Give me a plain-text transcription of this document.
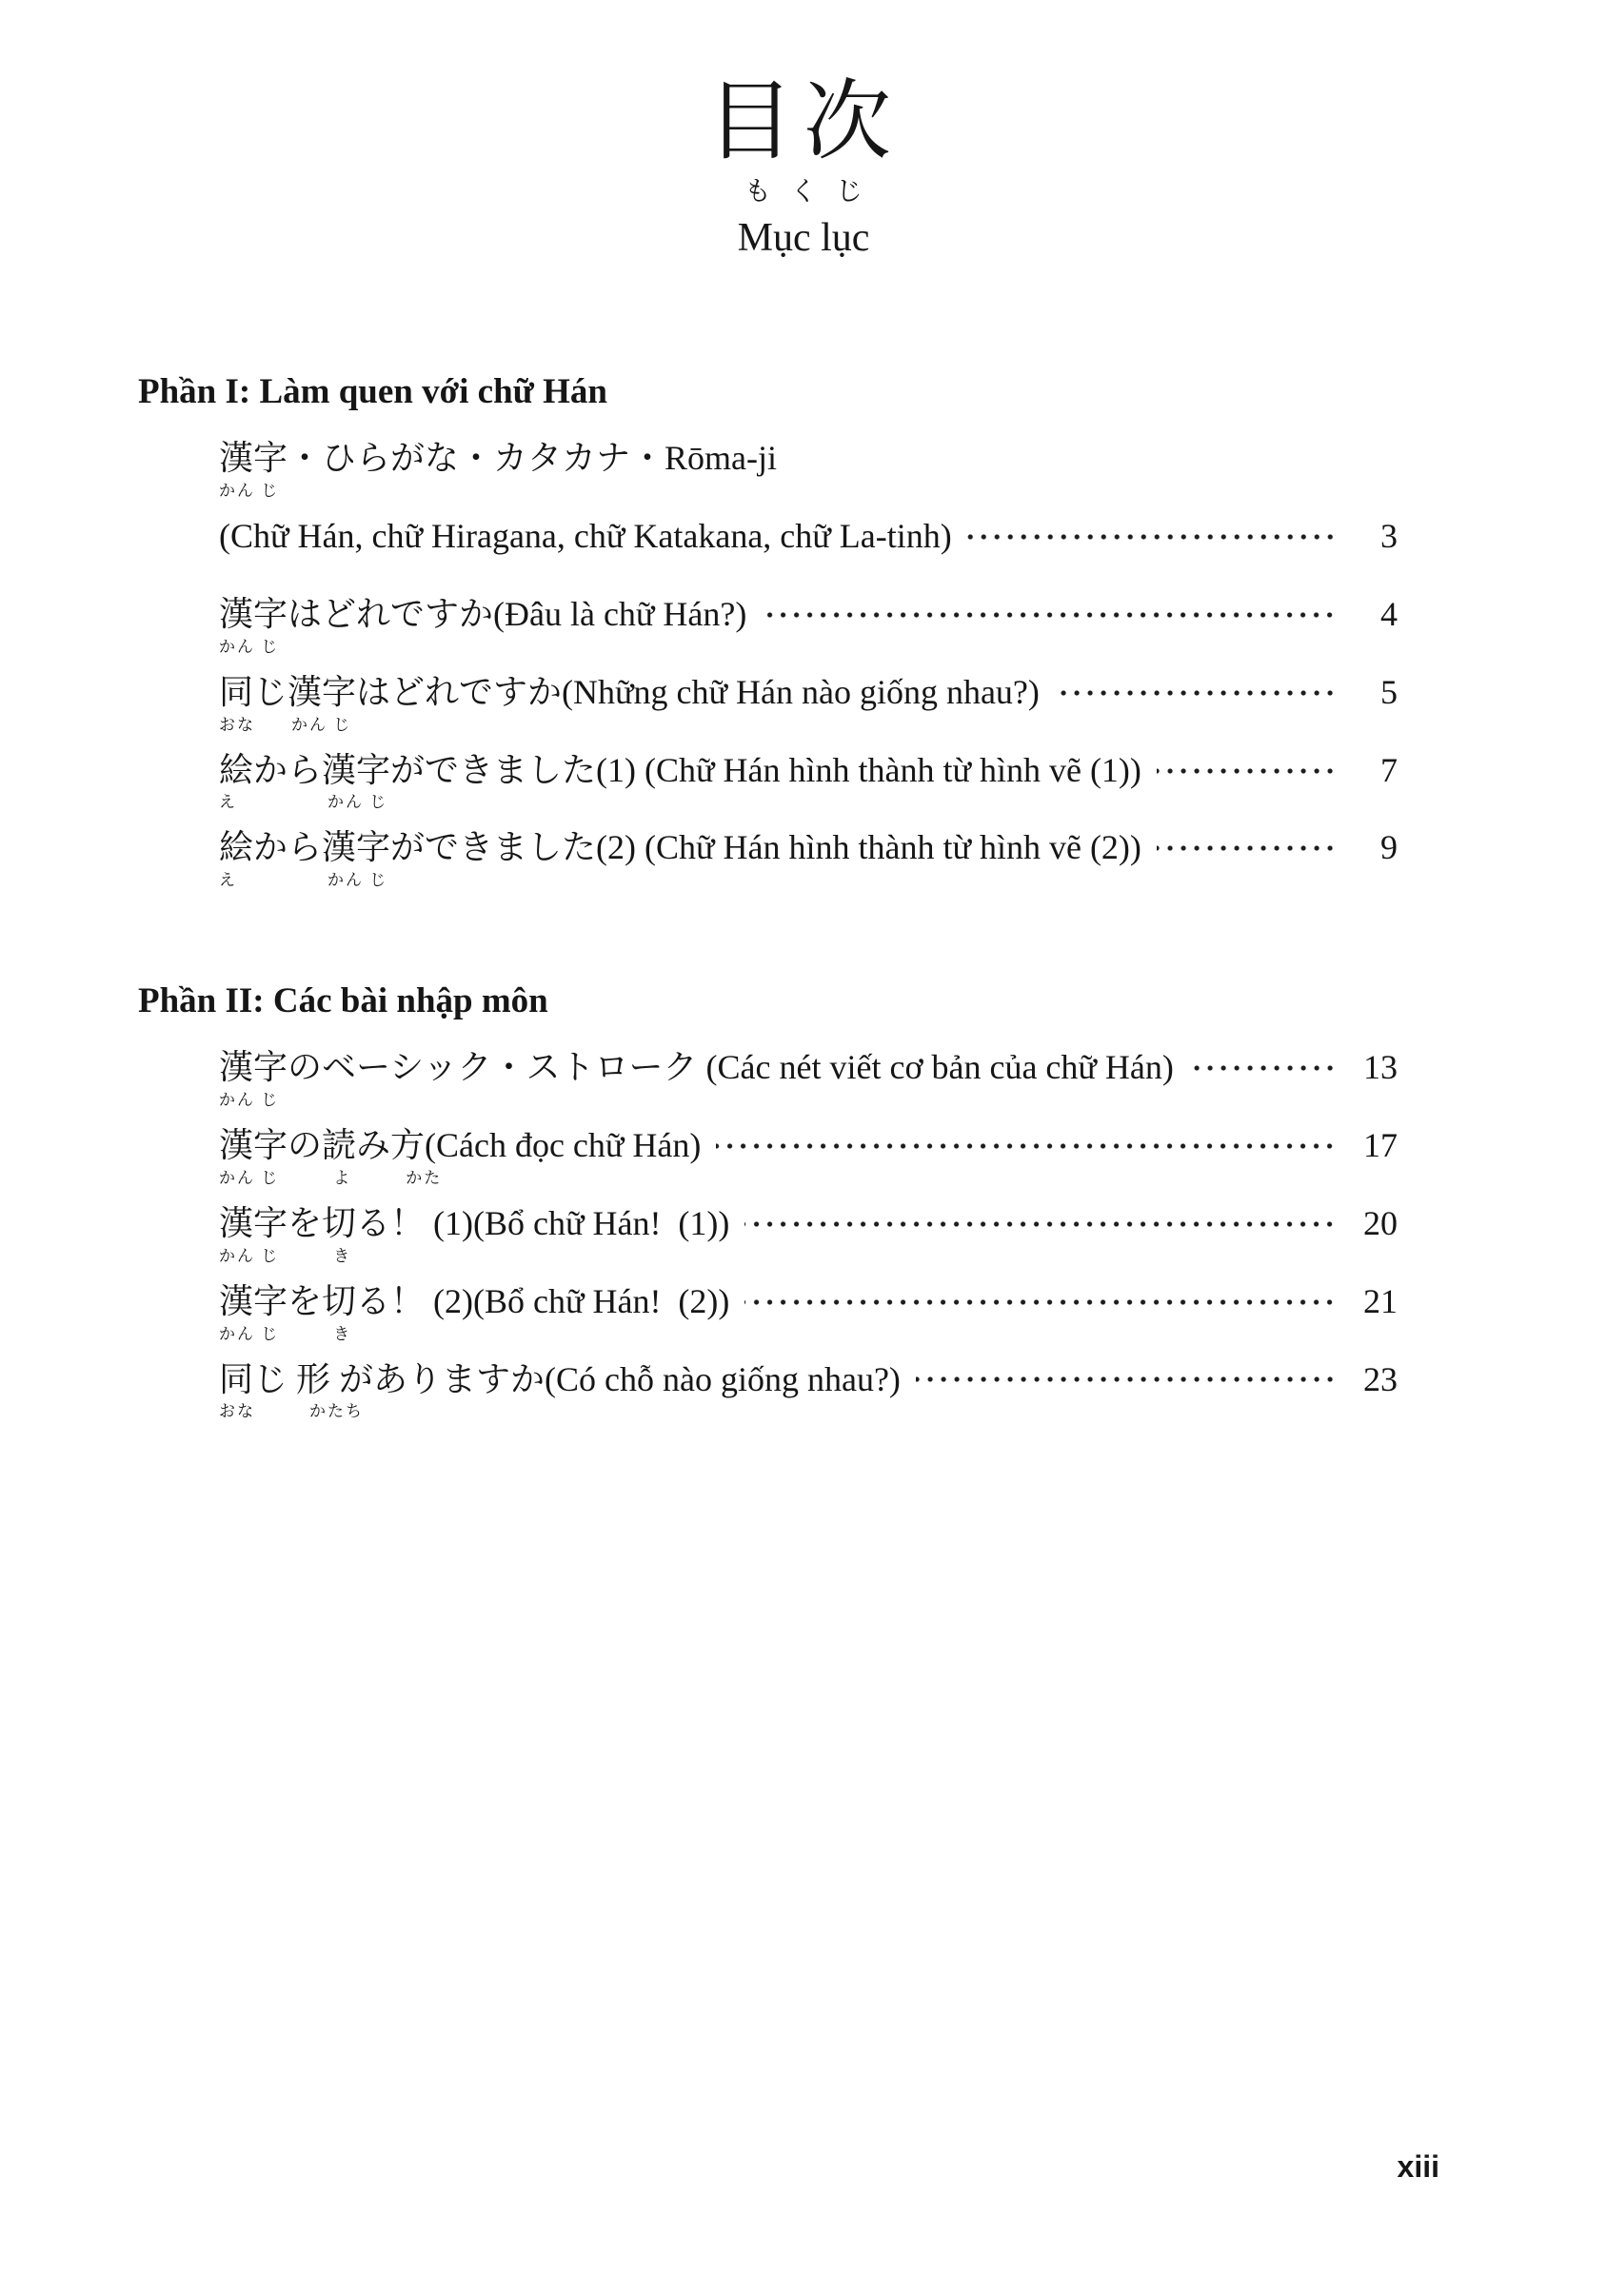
目次
もくじ
Mục lục
Phần I: Làm quen với chữ Hán
漢字・ひらがな・カタカナ・Rōma-ji
かん じ
(Chữ Hán, chữ Hiragana, chữ Katakana, chữ La-tinh)	3
漢字はどれですか(Đâu là chữ Hán?)	4
かん じ
同じ漢字はどれですか(Những chữ Hán nào giống nhau?)	5
おな　　かん じ
絵から漢字ができました(1) (Chữ Hán hình thành từ hình vẽ (1))	7
え　　　　　かん じ
絵から漢字ができました(2) (Chữ Hán hình thành từ hình vẽ (2))	9
え　　　　　かん じ
Phần II: Các bài nhập môn
漢字のベーシック・ストローク (Các nét viết cơ bản của chữ Hán)	13
かん じ
漢字の読み方(Cách đọc chữ Hán)	17
かん じ　　　よ　　　かた
漢字を切る！ (1)(Bổ chữ Hán!  (1))	20
かん じ　　　き
漢字を切る！ (2)(Bổ chữ Hán!  (2))	21
かん じ　　　き
同じ 形 がありますか(Có chỗ nào giống nhau?)	23
おな　　　かたち
xiii
